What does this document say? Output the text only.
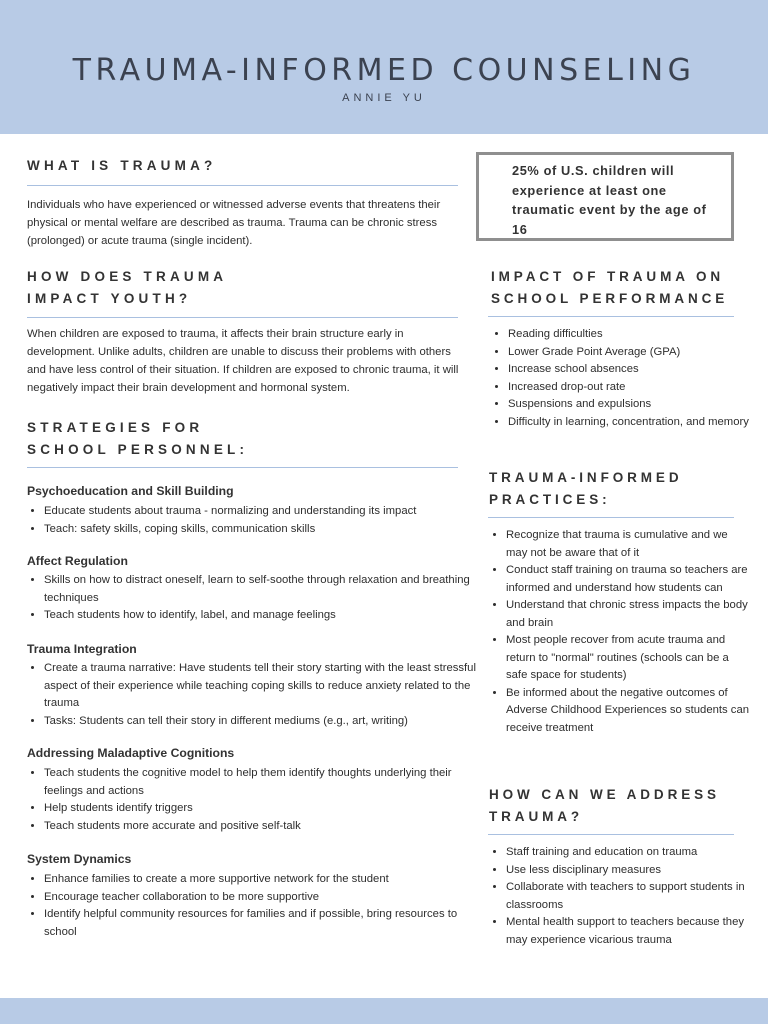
TRAUMA-INFORMED COUNSELING
ANNIE YU
WHAT IS TRAUMA?

Individuals who have experienced or witnessed adverse events that threatens their physical or mental welfare are described as trauma. Trauma can be chronic stress (prolonged) or acute trauma (single incident).

HOW DOES TRAUMA
IMPACT YOUTH?

When children are exposed to trauma, it affects their brain structure early in development. Unlike adults, children are unable to discuss their problems with others and have less control of their situation. If children are exposed to chronic trauma, it will negatively impact their brain development and hormonal system.

STRATEGIES FOR
SCHOOL PERSONNEL:
Psychoeducation and Skill Building
• Educate students about trauma - normalizing and understanding its impact
• Teach: safety skills, coping skills, communication skills
Affect Regulation
• Skills on how to distract oneself, learn to self-soothe through relaxation and breathing techniques
• Teach students how to identify, label, and manage feelings
Trauma Integration
• Create a trauma narrative: Have students tell their story starting with the least stressful aspect of their experience while teaching coping skills to reduce anxiety related to the trauma
• Tasks: Students can tell their story in different mediums (e.g., art, writing)
Addressing Maladaptive Cognitions
• Teach students the cognitive model to help them identify thoughts underlying their feelings and actions
• Help students identify triggers
• Teach students more accurate and positive self-talk
System Dynamics
• Enhance families to create a more supportive network for the student
• Encourage teacher collaboration to be more supportive
• Identify helpful community resources for families and if possible, bring resources to school

25% of U.S. children will experience at least one traumatic event by the age of 16

IMPACT OF TRAUMA ON
SCHOOL PERFORMANCE
• Reading difficulties
• Lower Grade Point Average (GPA)
• Increase school absences
• Increased drop-out rate
• Suspensions and expulsions
• Difficulty in learning, concentration, and memory
TRAUMA-INFORMED
PRACTICES:
• Recognize that trauma is cumulative and we may not be aware that of it
• Conduct staff training on trauma so teachers are informed and understand how students can
• Understand that chronic stress impacts the body and brain
• Most people recover from acute trauma and return to "normal" routines (schools can be a safe space for students)
• Be informed about the negative outcomes of Adverse Childhood Experiences so students can receive treatment
HOW CAN WE ADDRESS
TRAUMA?
• Staff training and education on trauma
• Use less disciplinary measures
• Collaborate with teachers to support students in classrooms
• Mental health support to teachers because they may experience vicarious trauma
